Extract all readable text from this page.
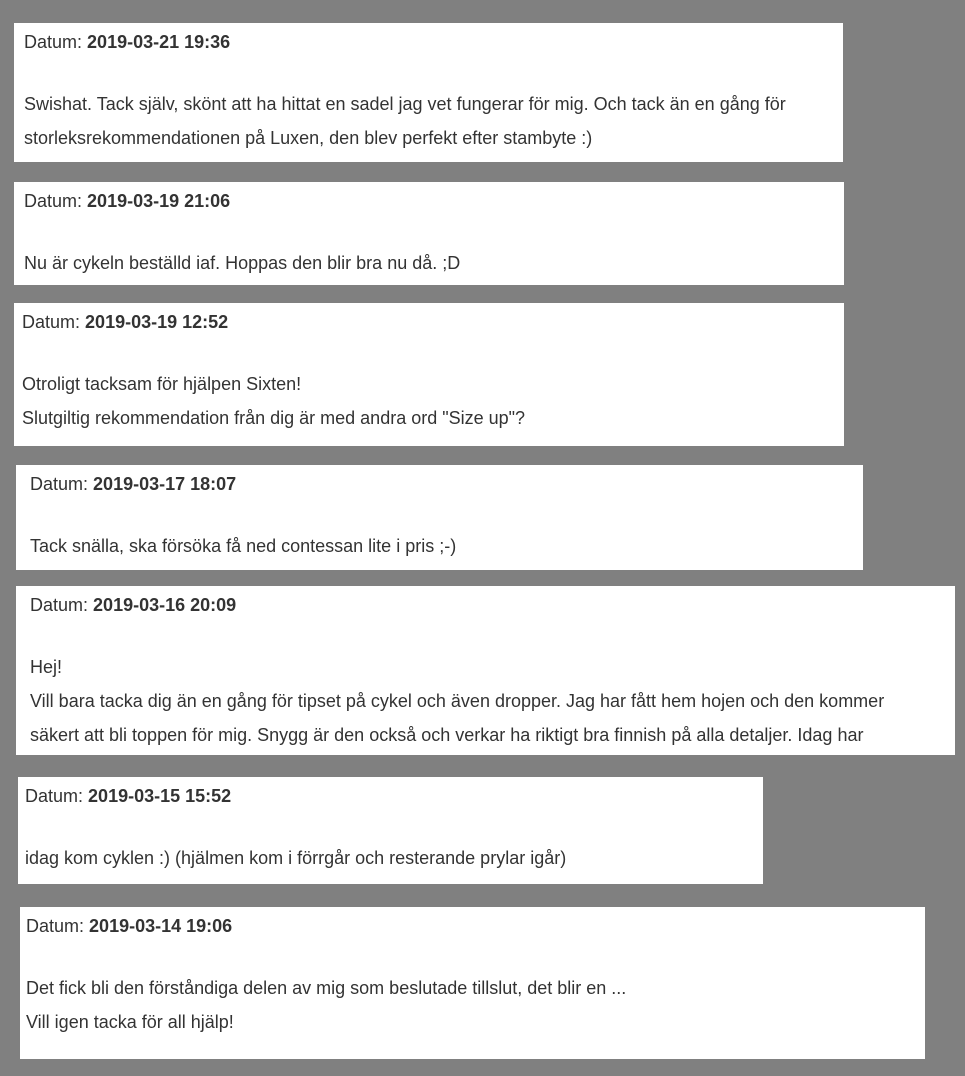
Datum: 2019-03-21 19:36
Swishat. Tack själv, skönt att ha hittat en sadel jag vet fungerar för mig. Och tack än en gång för
storleksrekommendationen på Luxen, den blev perfekt efter stambyte :)
Datum: 2019-03-19 21:06
Nu är cykeln beställd iaf. Hoppas den blir bra nu då. ;D
Datum: 2019-03-19 12:52
Otroligt tacksam för hjälpen Sixten!
Slutgiltig rekommendation från dig är med andra ord "Size up"?
Datum: 2019-03-17 18:07
Tack snälla, ska försöka få ned contessan lite i pris ;-)
Datum: 2019-03-16 20:09
Hej!
Vill bara tacka dig än en gång för tipset på cykel och även dropper. Jag har fått hem hojen och den kommer
säkert att bli toppen för mig. Snygg är den också och verkar ha riktigt bra finnish på alla detaljer. Idag har
Datum: 2019-03-15 15:52
idag kom cyklen :) (hjälmen kom i förrgår och resterande prylar igår)
Datum: 2019-03-14 19:06
Det fick bli den förståndiga delen av mig som beslutade tillslut, det blir en ...
Vill igen tacka för all hjälp!
